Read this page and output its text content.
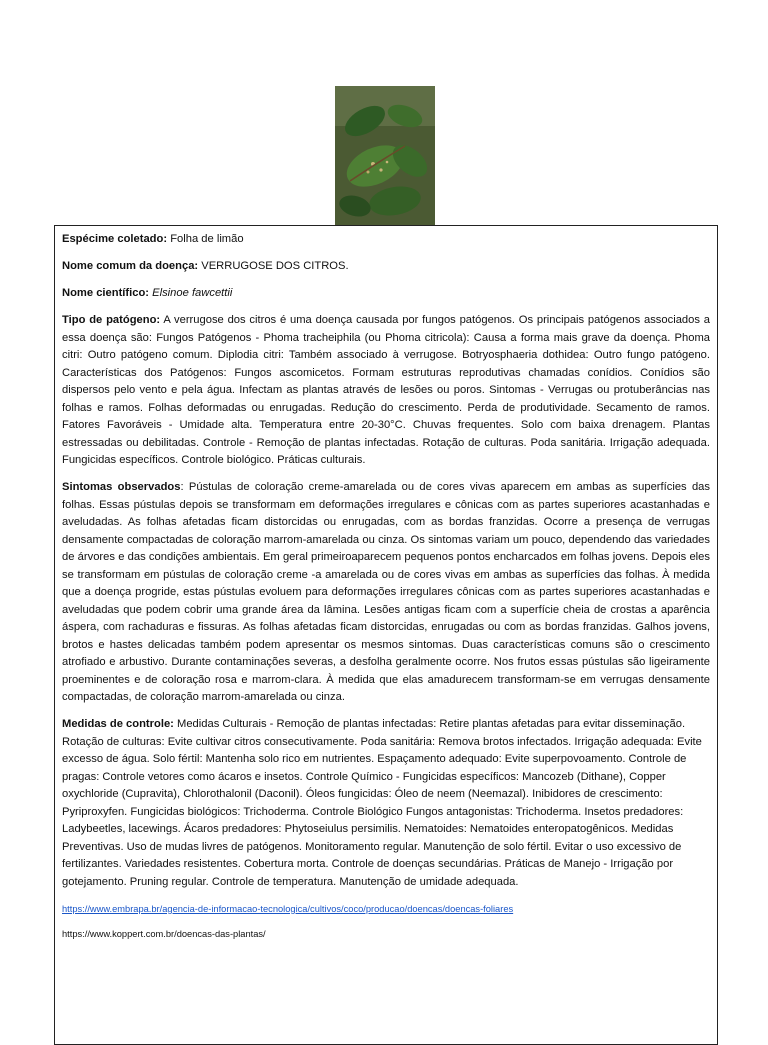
Espécime coletado: Folha de limão

Nome comum da doença: VERRUGOSE DOS CITROS.

Nome científico: Elsinoe fawcettii

Tipo de patógeno: A verrugose dos citros é uma doença causada por fungos patógenos. Os principais patógenos associados a essa doença são: Fungos Patógenos - Phoma tracheiphila (ou Phoma citricola): Causa a forma mais grave da doença. Phoma citri: Outro patógeno comum. Diplodia citri: Também associado à verrugose. Botryosphaeria dothidea: Outro fungo patógeno. Características dos Patógenos: Fungos ascomicetos. Formam estruturas reprodutivas chamadas conídios. Conídios são dispersos pelo vento e pela água. Infectam as plantas através de lesões ou poros. Sintomas - Verrugas ou protuberâncias nas folhas e ramos. Folhas deformadas ou enrugadas. Redução do crescimento. Perda de produtividade. Secamento de ramos. Fatores Favoráveis - Umidade alta. Temperatura entre 20-30°C. Chuvas frequentes. Solo com baixa drenagem. Plantas estressadas ou debilitadas. Controle - Remoção de plantas infectadas. Rotação de culturas. Poda sanitária. Irrigação adequada. Fungicidas específicos. Controle biológico. Práticas culturais.

Sintomas observados: Pústulas de coloração creme-amarelada ou de cores vivas aparecem em ambas as superfícies das folhas. Essas pústulas depois se transformam em deformações irregulares e cônicas com as partes superiores acastanhadas e aveludadas. As folhas afetadas ficam distorcidas ou enrugadas, com as bordas franzidas. Ocorre a presença de verrugas densamente compactadas de coloração marrom-amarelada ou cinza. Os sintomas variam um pouco, dependendo das variedades de árvores e das condições ambientais. Em geral primeiroaparecem pequenos pontos encharcados em folhas jovens. Depois eles se transformam em pústulas de coloração creme -a amarelada ou de cores vivas em ambas as superfícies das folhas. À medida que a doença progride, estas pústulas evoluem para deformações irregulares cônicas com as partes superiores acastanhadas e aveludadas que podem cobrir uma grande área da lâmina. Lesões antigas ficam com a superfície cheia de crostas a aparência áspera, com rachaduras e fissuras. As folhas afetadas ficam distorcidas, enrugadas ou com as bordas franzidas. Galhos jovens, brotos e hastes delicadas também podem apresentar os mesmos sintomas. Duas características comuns são o crescimento atrofiado e arbustivo. Durante contaminações severas, a desfolha geralmente ocorre. Nos frutos essas pústulas são ligeiramente proeminentes e de coloração rosa e marrom-clara. À medida que elas amadurecem transformam-se em verrugas densamente compactadas, de coloração marrom-amarelada ou cinza.

Medidas de controle: Medidas Culturais - Remoção de plantas infectadas: Retire plantas afetadas para evitar disseminação. Rotação de culturas: Evite cultivar citros consecutivamente. Poda sanitária: Remova brotos infectados. Irrigação adequada: Evite excesso de água. Solo fértil: Mantenha solo rico em nutrientes. Espaçamento adequado: Evite superpovoamento. Controle de pragas: Controle vetores como ácaros e insetos. Controle Químico - Fungicidas específicos: Mancozeb (Dithane), Copper oxychloride (Cupravita), Chlorothalonil (Daconil). Óleos fungicidas: Óleo de neem (Neemazal). Inibidores de crescimento: Pyriproxyfen. Fungicidas biológicos: Trichoderma. Controle Biológico Fungos antagonistas: Trichoderma. Insetos predadores: Ladybeetles, lacewings. Ácaros predadores: Phytoseiulus persimilis. Nematoides: Nematoides enteropatogênicos. Medidas Preventivas. Uso de mudas livres de patógenos. Monitoramento regular. Manutenção de solo fértil. Evitar o uso excessivo de fertilizantes. Variedades resistentes. Cobertura morta. Controle de doenças secundárias. Práticas de Manejo - Irrigação por gotejamento. Pruning regular. Controle de temperatura. Manutenção de umidade adequada.

https://www.embrapa.br/agencia-de-informacao-tecnologica/cultivos/coco/producao/doencas/doencas-foliares

https://www.koppert.com.br/doencas-das-plantas/
